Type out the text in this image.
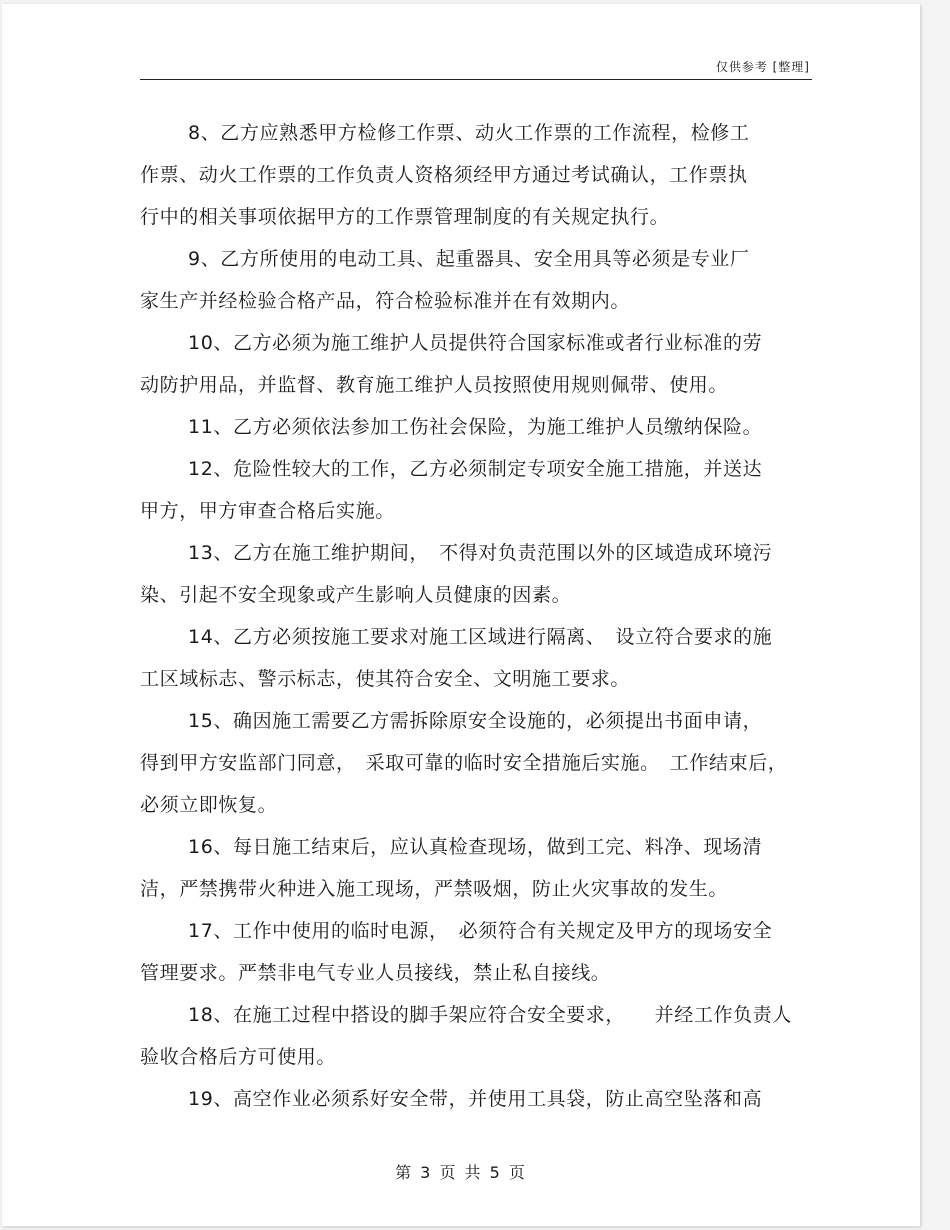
仅供参考 [整理]

8、乙方应熟悉甲方检修工作票、动火工作票的工作流程，检修工
作票、动火工作票的工作负责人资格须经甲方通过考试确认，工作票执
行中的相关事项依据甲方的工作票管理制度的有关规定执行。

9、乙方所使用的电动工具、起重器具、安全用具等必须是专业厂
家生产并经检验合格产品，符合检验标准并在有效期内。

10、乙方必须为施工维护人员提供符合国家标准或者行业标准的劳
动防护用品，并监督、教育施工维护人员按照使用规则佩带、使用。

11、乙方必须依法参加工伤社会保险，为施工维护人员缴纳保险。

12、危险性较大的工作，乙方必须制定专项安全施工措施，并送达
甲方，甲方审查合格后实施。

13、乙方在施工维护期间，　不得对负责范围以外的区域造成环境污
染、引起不安全现象或产生影响人员健康的因素。

14、乙方必须按施工要求对施工区域进行隔离、　设立符合要求的施
工区域标志、警示标志，使其符合安全、文明施工要求。

15、确因施工需要乙方需拆除原安全设施的，必须提出书面申请，
得到甲方安监部门同意，　采取可靠的临时安全措施后实施。　工作结束后，
必须立即恢复。

16、每日施工结束后，应认真检查现场，做到工完、料净、现场清
洁，严禁携带火种进入施工现场，严禁吸烟，防止火灾事故的发生。

17、工作中使用的临时电源，　必须符合有关规定及甲方的现场安全
管理要求。严禁非电气专业人员接线，禁止私自接线。

18、在施工过程中搭设的脚手架应符合安全要求，　　并经工作负责人
验收合格后方可使用。

19、高空作业必须系好安全带，并使用工具袋，防止高空坠落和高

第 3 页 共 5 页
